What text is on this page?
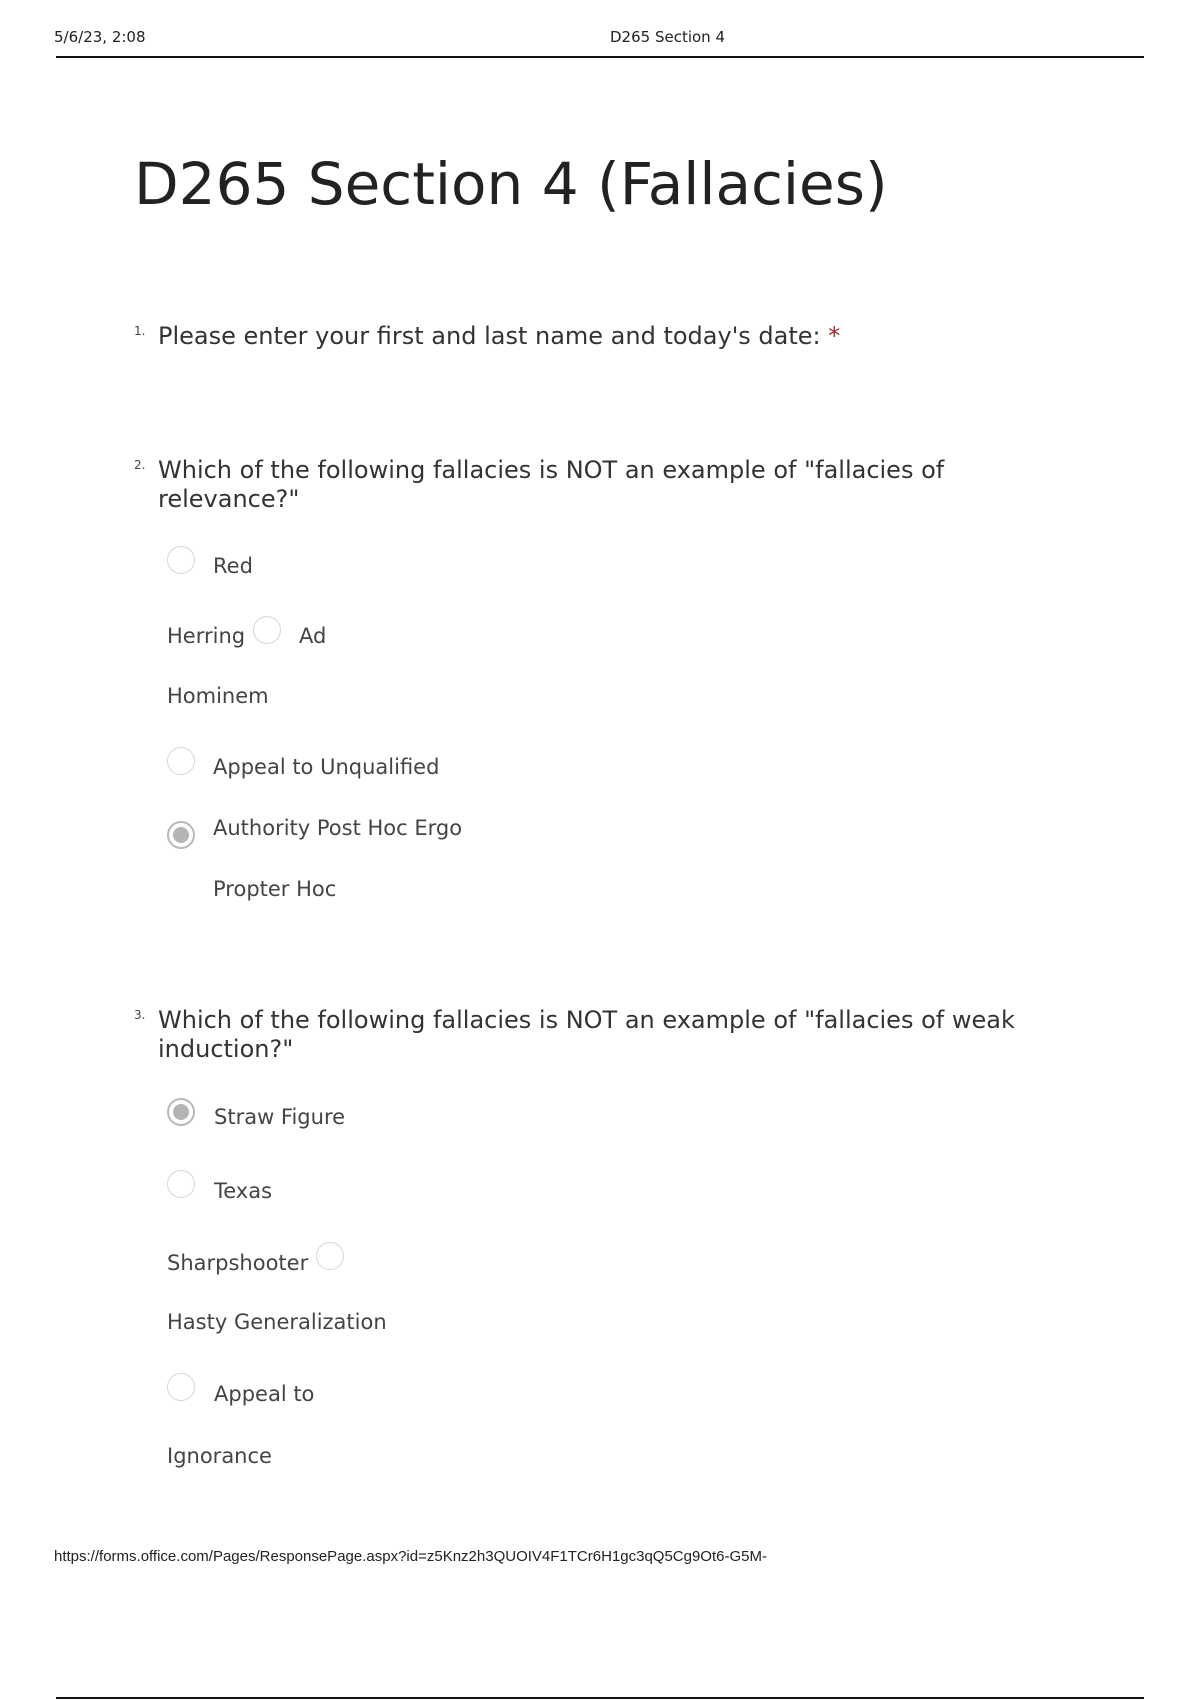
5/6/23, 2:08	D265 Section 4
D265 Section 4 (Fallacies)
1. Please enter your first and last name and today's date: *
2. Which of the following fallacies is NOT an example of "fallacies of
relevance?"
Red
Herring	Ad
Hominem
Appeal to Unqualified
Authority Post Hoc Ergo
Propter Hoc
3. Which of the following fallacies is NOT an example of "fallacies of weak
induction?"
Straw Figure
Texas
Sharpshooter
Hasty Generalization
Appeal to
Ignorance
https://forms.office.com/Pages/ResponsePage.aspx?id=z5Knz2h3QUOIV4F1TCr6H1gc3qQ5Cg9Ot6-G5M-
